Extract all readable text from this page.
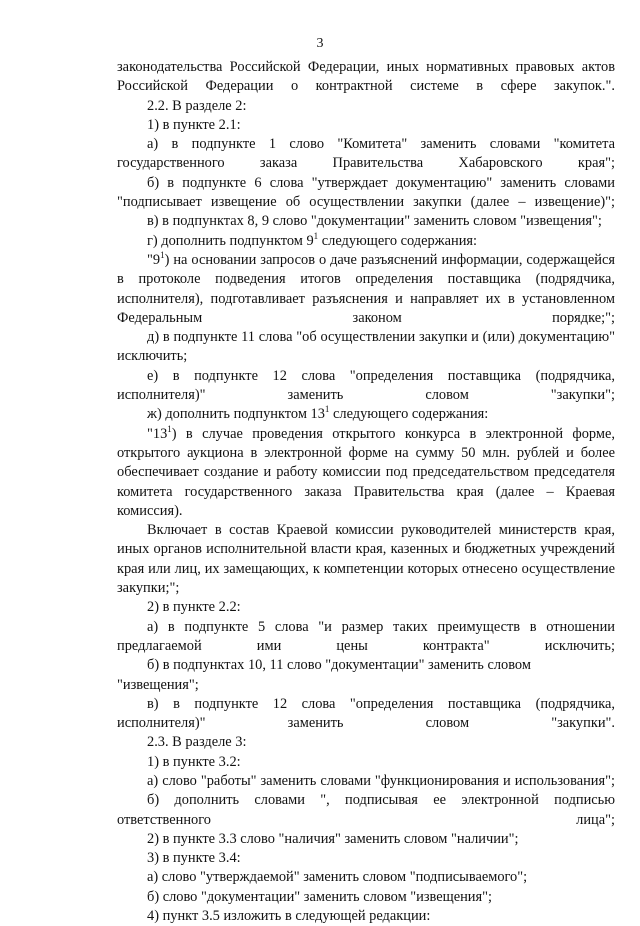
3

законодательства Российской Федерации, иных нормативных правовых актов Российской Федерации о контрактной системе в сфере закупок.".

2.2. В разделе 2:

1) в пункте 2.1:

а) в подпункте 1 слово "Комитета" заменить словами "комитета государственного заказа Правительства Хабаровского края";

б) в подпункте 6 слова "утверждает документацию" заменить словами "подписывает извещение об осуществлении закупки (далее – извещение)";

в) в подпунктах 8, 9 слово "документации" заменить словом "извещения";

г) дополнить подпунктом $9^1$ следующего содержания:

"$9^1$) на основании запросов о даче разъяснений информации, содержащейся в протоколе подведения итогов определения поставщика (подрядчика, исполнителя), подготавливает разъяснения и направляет их в установленном Федеральным законом порядке;";

д) в подпункте 11 слова "об осуществлении закупки и (или) документацию" исключить;

е) в подпункте 12 слова "определения поставщика (подрядчика, исполнителя)" заменить словом "закупки";

ж) дополнить подпунктом $13^1$ следующего содержания:

"$13^1$) в случае проведения открытого конкурса в электронной форме, открытого аукциона в электронной форме на сумму 50 млн. рублей и более обеспечивает создание и работу комиссии под председательством председателя комитета государственного заказа Правительства края (далее – Краевая комиссия).

Включает в состав Краевой комиссии руководителей министерств края, иных органов исполнительной власти края, казенных и бюджетных учреждений края или лиц, их замещающих, к компетенции которых отнесено осуществление закупки;";

2) в пункте 2.2:

а) в подпункте 5 слова "и размер таких преимуществ в отношении предлагаемой ими цены контракта" исключить;

б) в подпунктах 10, 11 слово "документации" заменить словом "извещения";

в) в подпункте 12 слова "определения поставщика (подрядчика, исполнителя)" заменить словом "закупки".

2.3. В разделе 3:

1) в пункте 3.2:

а) слово "работы" заменить словами "функционирования и использования";

б) дополнить словами ", подписывая ее электронной подписью ответственного лица";

2) в пункте 3.3 слово "наличия" заменить словом "наличии";

3) в пункте 3.4:

а) слово "утверждаемой" заменить словом "подписываемого";

б) слово "документации" заменить словом "извещения";

4) пункт 3.5 изложить в следующей редакции:
